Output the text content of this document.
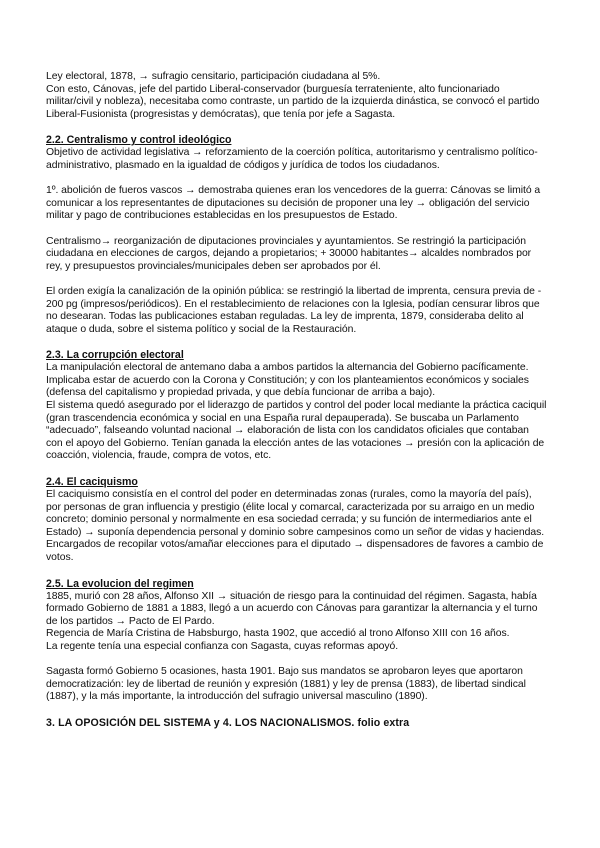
Ley electoral, 1878, → sufragio censitario, participación ciudadana al 5%.

Con esto, Cánovas, jefe del partido Liberal-conservador (burguesía terrateniente, alto funcionariado militar/civil y nobleza), necesitaba como contraste, un partido de la izquierda dinástica, se convocó el partido Liberal-Fusionista (progresistas y demócratas), que tenía por jefe a Sagasta.

2.2. Centralismo y control ideológico

Objetivo de actividad legislativa → reforzamiento de la coerción política, autoritarismo y centralismo político-administrativo, plasmado en la igualdad de códigos y jurídica de todos los ciudadanos.

1º. abolición de fueros vascos → demostraba quienes eran los vencedores de la guerra: Cánovas se limitó a comunicar a los representantes de diputaciones su decisión de proponer una ley → obligación del servicio militar y pago de contribuciones establecidas en los presupuestos de Estado.

Centralismo→ reorganización de diputaciones provinciales y ayuntamientos. Se restringió la participación ciudadana en elecciones de cargos, dejando a propietarios; + 30000 habitantes→ alcaldes nombrados por rey, y presupuestos provinciales/municipales deben ser aprobados por él.

El orden exigía la canalización de la opinión pública: se restringió la libertad de imprenta, censura previa de - 200 pg (impresos/periódicos). En el restablecimiento de relaciones con la Iglesia, podían censurar libros que no desearan. Todas las publicaciones estaban reguladas. La ley de imprenta, 1879, consideraba delito al ataque o duda, sobre el sistema político y social de la Restauración.

2.3. La corrupción electoral

La manipulación electoral de antemano daba a ambos partidos la alternancia del Gobierno pacíficamente. Implicaba estar de acuerdo con la Corona y Constitución; y con los planteamientos económicos y sociales (defensa del capitalismo y propiedad privada, y que debía funcionar de arriba a bajo).

El sistema quedó asegurado por el liderazgo de partidos y control del poder local mediante la práctica caciquil (gran trascendencia económica y social en una España rural depauperada). Se buscaba un Parlamento “adecuado”, falseando voluntad nacional → elaboración de lista con los candidatos oficiales que contaban con el apoyo del Gobierno. Tenían ganada la elección antes de las votaciones → presión con la aplicación de coacción, violencia, fraude, compra de votos, etc.

2.4. El caciquismo

El caciquismo consistía en el control del poder en determinadas zonas (rurales, como la mayoría del país), por personas de gran influencia y prestigio (élite local y comarcal, caracterizada por su arraigo en un medio concreto; dominio personal y normalmente en esa sociedad cerrada; y su función de intermediarios ante el Estado) → suponía dependencia personal y dominio sobre campesinos como un señor de vidas y haciendas. Encargados de recopilar votos/amañar elecciones para el diputado → dispensadores de favores a cambio de votos.

2.5. La evolucion del regimen

1885, murió con 28 años, Alfonso XII → situación de riesgo para la continuidad del régimen. Sagasta, había formado Gobierno de 1881 a 1883, llegó a un acuerdo con Cánovas para garantizar la alternancia y el turno de los partidos → Pacto de El Pardo.

Regencia de María Cristina de Habsburgo, hasta 1902, que accedió al trono Alfonso XIII con 16 años.

La regente tenía una especial confianza con Sagasta, cuyas reformas apoyó.

Sagasta formó Gobierno 5 ocasiones, hasta 1901. Bajo sus mandatos se aprobaron leyes que aportaron democratización: ley de libertad de reunión y expresión (1881) y ley de prensa (1883), de libertad sindical (1887), y la más importante, la introducción del sufragio universal masculino (1890).

3. LA OPOSICIÓN DEL SISTEMA y 4. LOS NACIONALISMOS. folio extra
